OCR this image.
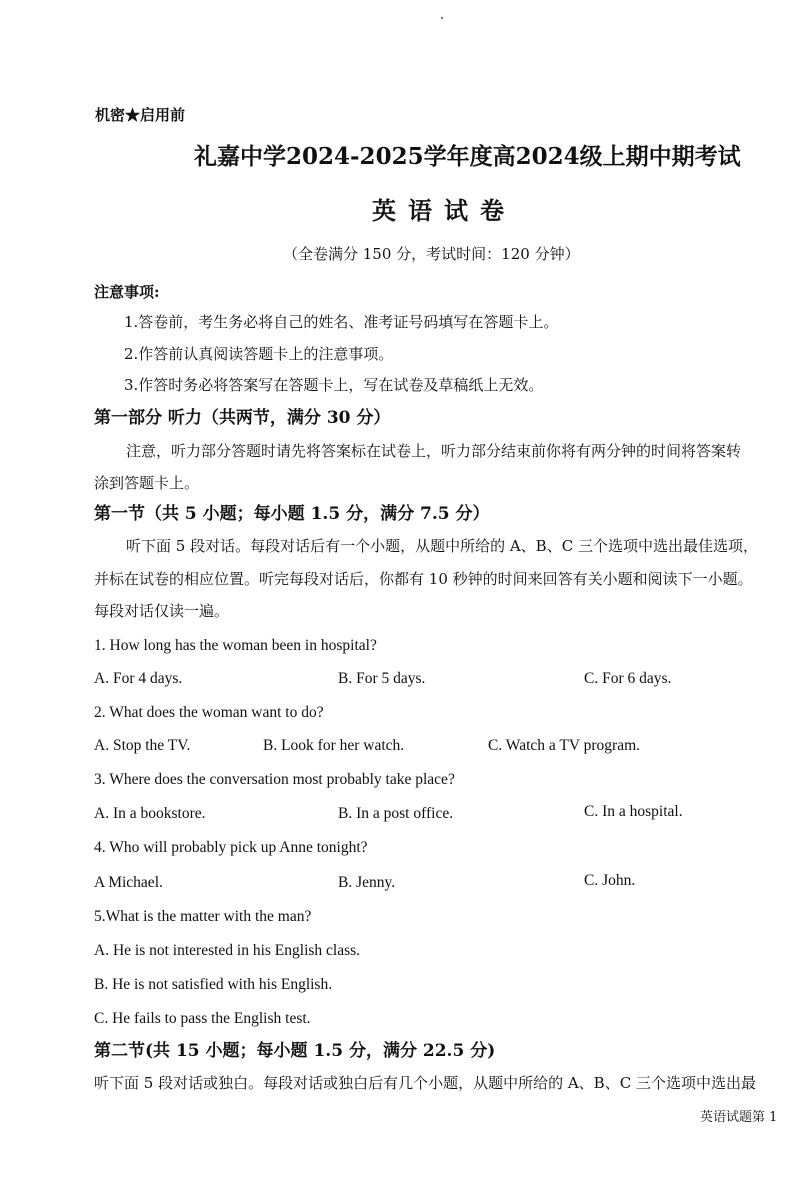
机密★启用前
礼嘉中学2024-2025学年度高2024级上期中期考试
英语试卷
（全卷满分 150 分，考试时间：120 分钟）
注意事项:
1.答卷前，考生务必将自己的姓名、准考证号码填写在答题卡上。
2.作答前认真阅读答题卡上的注意事项。
3.作答时务必将答案写在答题卡上，写在试卷及草稿纸上无效。
第一部分 听力（共两节，满分 30 分）
注意，听力部分答题时请先将答案标在试卷上，听力部分结束前你将有两分钟的时间将答案转
涂到答题卡上。
第一节（共 5 小题；每小题 1.5 分，满分 7.5 分）
听下面 5 段对话。每段对话后有一个小题，从题中所给的 A、B、C 三个选项中选出最佳选项，
并标在试卷的相应位置。听完每段对话后，你都有 10 秒钟的时间来回答有关小题和阅读下一小题。
每段对话仅读一遍。
1. How long has the woman been in hospital?
A. For 4 days.	B. For 5 days.	C. For 6 days.
2. What does the woman want to do?
A. Stop the TV.	B. Look for her watch.	C. Watch a TV program.
3. Where does the conversation most probably take place?
A. In a bookstore.	B. In a post office.	C. In a hospital.
4. Who will probably pick up Anne tonight?
A Michael.	B. Jenny.	C. John.
5.What is the matter with the man?
A. He is not interested in his English class.
B. He is not satisfied with his English.
C. He fails to pass the English test.
第二节(共 15 小题；每小题 1.5 分，满分 22.5 分)
听下面 5 段对话或独白。每段对话或独白后有几个小题，从题中所给的 A、B、C 三个选项中选出最
英语试题第 1
